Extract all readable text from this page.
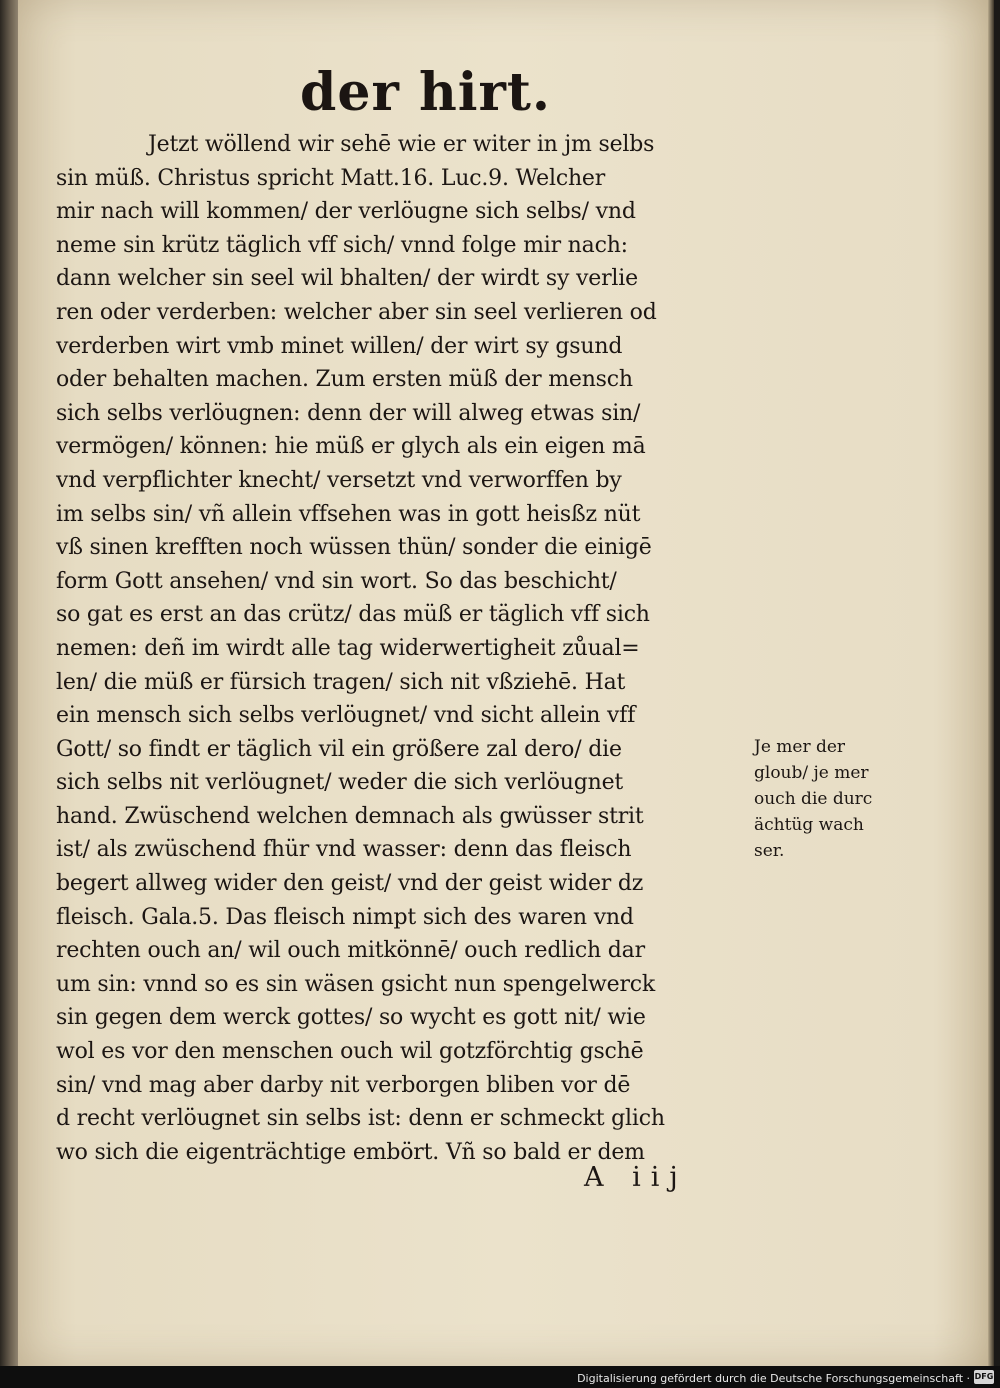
der hirt.
Jetzt wöllend wir sehē wie er witer in jm selbs
sin müß. Christus spricht Matt.16. Luc.9. Welcher
mir nach will kommen/ der verlöugne sich selbs/ vnd
neme sin krütz täglich vff sich/ vnnd folge mir nach:
dann welcher sin seel wil bhalten/ der wirdt sy verlie
ren oder verderben: welcher aber sin seel verlieren od
verderben wirt vmb minet willen/ der wirt sy gsund
oder behalten machen. Zum ersten müß der mensch
sich selbs verlöugnen: denn der will alweg etwas sin/
vermögen/ können: hie müß er glych als ein eigen mā
vnd verpflichter knecht/ versetzt vnd verworffen by
im selbs sin/ vñ allein vffsehen was in gott heisßz nüt
vß sinen krefften noch wüssen thün/ sonder die einigē
form Gott ansehen/ vnd sin wort. So das beschicht/
so gat es erst an das crütz/ das müß er täglich vff sich
nemen: deñ im wirdt alle tag widerwertigheit zůual=
len/ die müß er fürsich tragen/ sich nit vßziehē. Hat
ein mensch sich selbs verlöugnet/ vnd sicht allein vff
Gott/ so findt er täglich vil ein größere zal dero/ die
sich selbs nit verlöugnet/ weder die sich verlöugnet
hand. Zwüschend welchen demnach als gwüsser strit
ist/ als zwüschend fhür vnd wasser: denn das fleisch
begert allweg wider den geist/ vnd der geist wider dz
fleisch. Gala.5. Das fleisch nimpt sich des waren vnd
rechten ouch an/ wil ouch mitkönnē/ ouch redlich dar
um sin: vnnd so es sin wäsen gsicht nun spengelwerck
sin gegen dem werck gottes/ so wycht es gott nit/ wie
wol es vor den menschen ouch wil gotzförchtig gschē
sin/ vnd mag aber darby nit verborgen bliben vor dē
d recht verlöugnet sin selbs ist: denn er schmeckt glich
wo sich die eigenträchtige embört. Vñ so bald er dem
Je mer der
gloub/ je mer
ouch die durc
ächtüg wach
ser.
A iij
Digitalisierung gefördert durch die Deutsche Forschungsgemeinschaft · DFG
